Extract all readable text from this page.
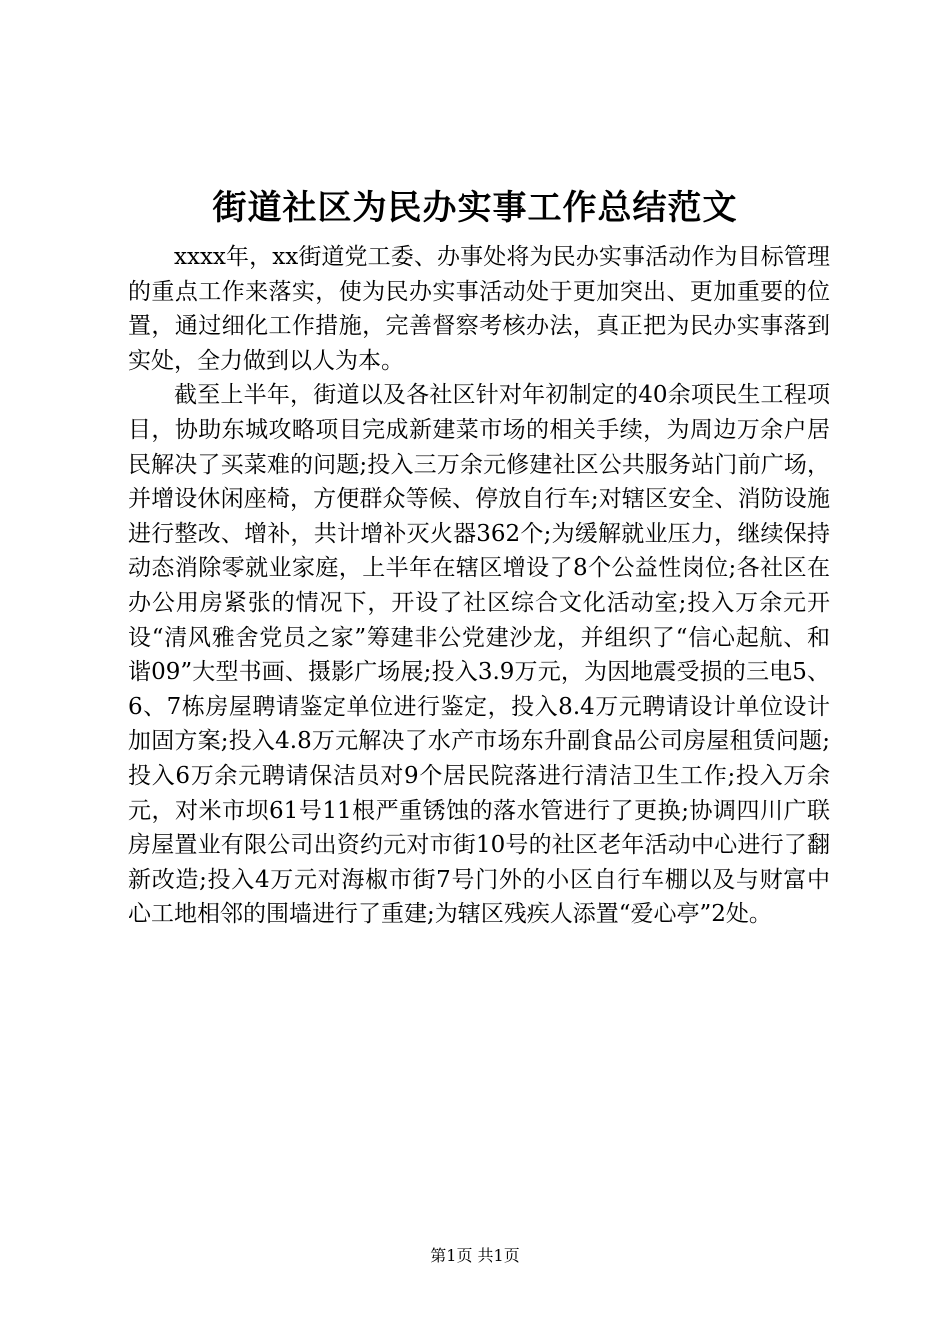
街道社区为民办实事工作总结范文

xxxx年，xx街道党工委、办事处将为民办实事活动作为目标管理的重点工作来落实，使为民办实事活动处于更加突出、更加重要的位置，通过细化工作措施，完善督察考核办法，真正把为民办实事落到实处，全力做到以人为本。

截至上半年，街道以及各社区针对年初制定的40余项民生工程项目，协助东城攻略项目完成新建菜市场的相关手续，为周边万余户居民解决了买菜难的问题;投入三万余元修建社区公共服务站门前广场，并增设休闲座椅，方便群众等候、停放自行车;对辖区安全、消防设施进行整改、增补，共计增补灭火器362个;为缓解就业压力，继续保持动态消除零就业家庭，上半年在辖区增设了8个公益性岗位;各社区在办公用房紧张的情况下，开设了社区综合文化活动室;投入万余元开设“清风雅舍党员之家”筹建非公党建沙龙，并组织了“信心起航、和谐09”大型书画、摄影广场展;投入3.9万元，为因地震受损的三电5、6、7栋房屋聘请鉴定单位进行鉴定，投入8.4万元聘请设计单位设计加固方案;投入4.8万元解决了水产市场东升副食品公司房屋租赁问题;投入6万余元聘请保洁员对9个居民院落进行清洁卫生工作;投入万余元，对米市坝61号11根严重锈蚀的落水管进行了更换;协调四川广联房屋置业有限公司出资约元对市街10号的社区老年活动中心进行了翻新改造;投入4万元对海椒市街7号门外的小区自行车棚以及与财富中心工地相邻的围墙进行了重建;为辖区残疾人添置“爱心亭”2处。

第1页 共1页
